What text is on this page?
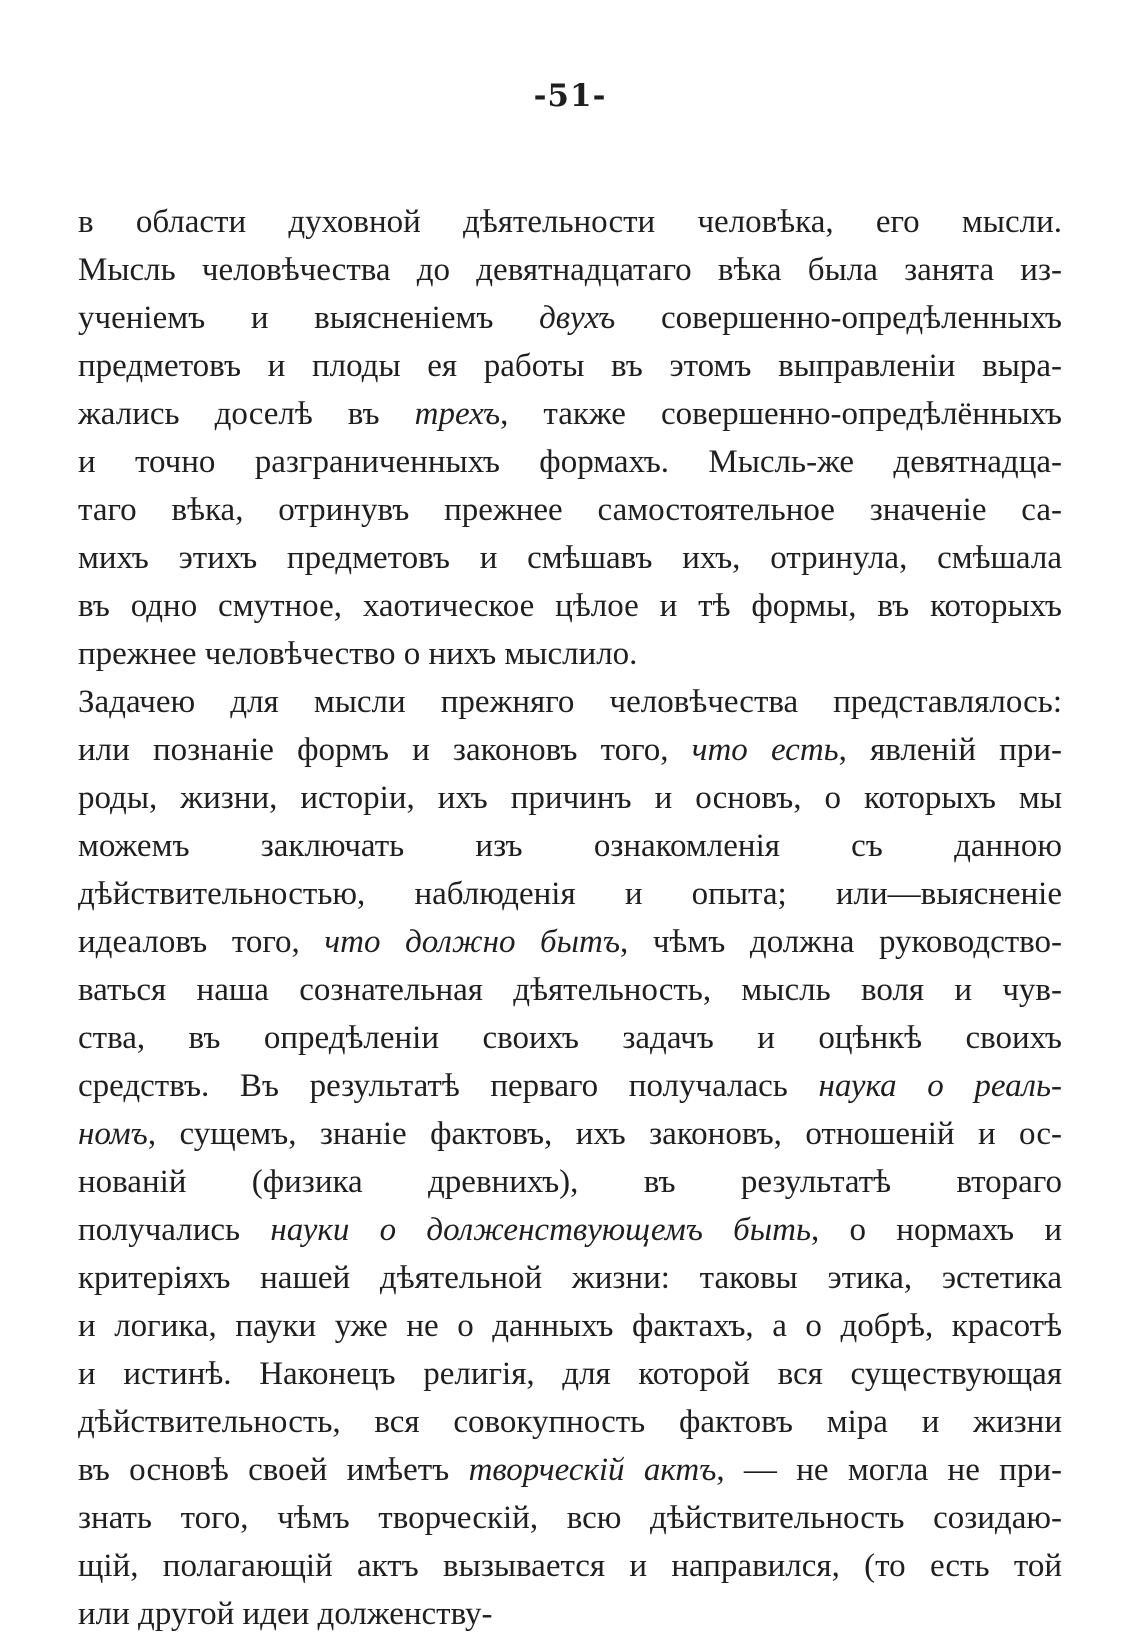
-51-
в области духовной дѣятельности человѣка, его мысли.
Мысль человѣчества до девятнадцатаго вѣка была занята из-
ученіемъ и выясненіемъ двухъ совершенно-опредѣленныхъ
предметовъ и плоды ея работы въ этомъ выправленіи выра-
жались доселѣ въ трехъ, также совершенно-опредѣлённыхъ
и точно разграниченныхъ формахъ. Мысль-же девятнадца-
таго вѣка, отринувъ прежнее самостоятельное значеніе са-
михъ этихъ предметовъ и смѣшавъ ихъ, отринула, смѣшала
въ одно смутное, хаотическое цѣлое и тѣ формы, въ которыхъ
прежнее человѣчество о нихъ мыслило.
Задачею для мысли прежняго человѣчества представлялось:
или познаніе формъ и законовъ того, что есть, явленій при-
роды, жизни, исторіи, ихъ причинъ и основъ, о которыхъ мы
можемъ заключать изъ ознакомленія съ данною
дѣйствительностью, наблюденія и опыта; или—выясненіе
идеаловъ того, что должно бытъ, чѣмъ должна руководство-
ваться наша сознательная дѣятельность, мысль воля и чув-
ства, въ опредѣленіи своихъ задачъ и оцѣнкѣ своихъ
средствъ. Въ результатѣ перваго получалась наука о реаль-
номъ, сущемъ, знаніе фактовъ, ихъ законовъ, отношеній и ос-
нованій (физика древнихъ), въ результатѣ втораго
получались науки о долженствующемъ быть, о нормахъ и
критеріяхъ нашей дѣятельной жизни: таковы этика, эстетика
и логика, пауки уже не о данныхъ фактахъ, а о добрѣ, красотѣ
и истинѣ. Наконецъ религія, для которой вся существующая
дѣйствительность, вся совокупность фактовъ міра и жизни
въ основѣ своей имѣетъ творческій актъ, — не могла не при-
знать того, чѣмъ творческій, всю дѣйствительность созидаю-
щій, полагающій актъ вызывается и направился, (то есть той
или другой идеи долженству-
